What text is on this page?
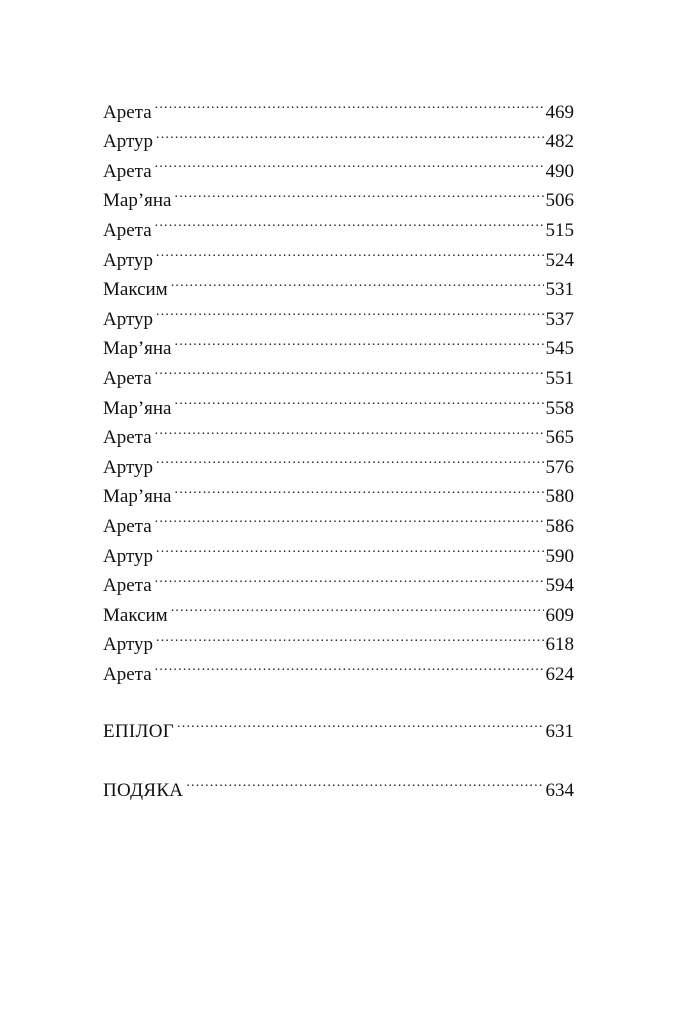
Арета .....	469
Артур .....	482
Арета .....	490
Мар’яна .....	506
Арета .....	515
Артур .....	524
Максим .....	531
Артур .....	537
Мар’яна .....	545
Арета .....	551
Мар’яна .....	558
Арета .....	565
Артур .....	576
Мар’яна .....	580
Арета .....	586
Артур .....	590
Арета .....	594
Максим .....	609
Артур .....	618
Арета .....	624
ЕПІЛОГ .....	631
ПОДЯКА .....	634
